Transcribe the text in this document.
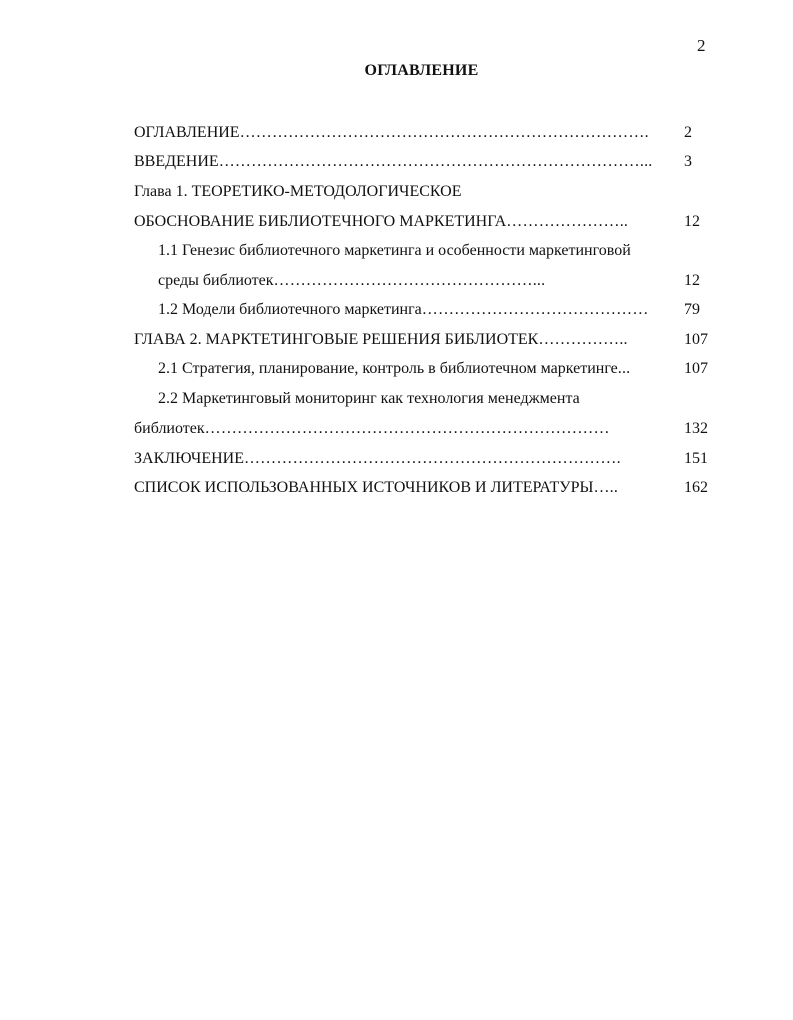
2
ОГЛАВЛЕНИЕ
ОГЛАВЛЕНИЕ………………………………………………………………….	2
ВВЕДЕНИЕ……………………………………………………………………...	3
Глава 1. ТЕОРЕТИКО-МЕТОДОЛОГИЧЕСКОЕ
ОБОСНОВАНИЕ БИБЛИОТЕЧНОГО МАРКЕТИНГА…………………..	12
1.1 Генезис библиотечного маркетинга и особенности маркетинговой
среды библиотек…………………………………………...	12
1.2 Модели библиотечного маркетинга……………………………………	79
ГЛАВА 2. МАРКТЕТИНГОВЫЕ РЕШЕНИЯ БИБЛИОТЕК……………..	107
2.1 Стратегия, планирование, контроль в библиотечном маркетинге...	107
2.2 Маркетинговый мониторинг как технология менеджмента
библиотек…………………………………………………………………	132
ЗАКЛЮЧЕНИЕ…………………………………………………………….	151
СПИСОК ИСПОЛЬЗОВАННЫХ ИСТОЧНИКОВ И ЛИТЕРАТУРЫ…..	162
